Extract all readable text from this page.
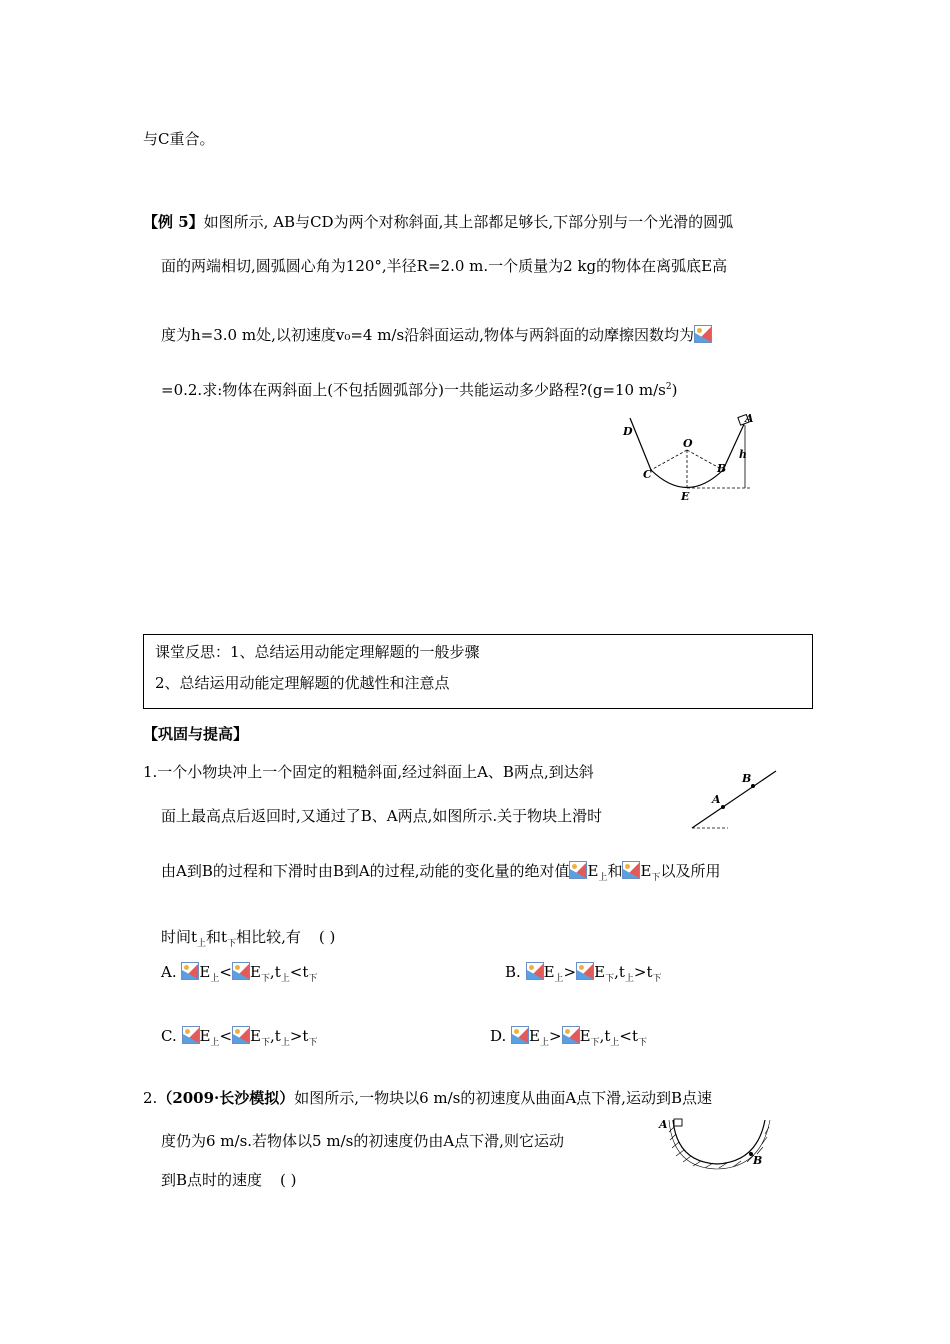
与C重合。
【例 5】如图所示, AB与CD为两个对称斜面,其上部都足够长,下部分别与一个光滑的圆弧
面的两端相切,圆弧圆心角为120°,半径R=2.0 m.一个质量为2 kg的物体在离弧底E高
度为h=3.0 m处,以初速度v₀=4 m/s沿斜面运动,物体与两斜面的动摩擦因数均为
=0.2.求:物体在两斜面上(不包括圆弧部分)一共能运动多少路程?(g=10 $m/s^2$)
D
O
A
C	B
E
h
课堂反思：1、总结运用动能定理解题的一般步骤
2、总结运用动能定理解题的优越性和注意点
【巩固与提高】
1.一个小物块冲上一个固定的粗糙斜面,经过斜面上A、B两点,到达斜
面上最高点后返回时,又通过了B、A两点,如图所示.关于物块上滑时
由A到B的过程和下滑时由B到A的过程,动能的变化量的绝对值 $E_上$和 $E_下$以及所用
时间$t_上$和$t_下$相比较,有 ( )
A
B
A. $E_上< E_下,t_上<t_下$	B. $E_上> E_下,t_上>t_下$
C. $E_上< E_下,t_上>t_下$	D. $E_上> E_下,t_上<t_下$
2.（2009·长沙模拟）如图所示,一物块以6 m/s的初速度从曲面A点下滑,运动到B点速
度仍为6 m/s.若物体以5 m/s的初速度仍由A点下滑,则它运动
到B点时的速度 ( )
A
B
